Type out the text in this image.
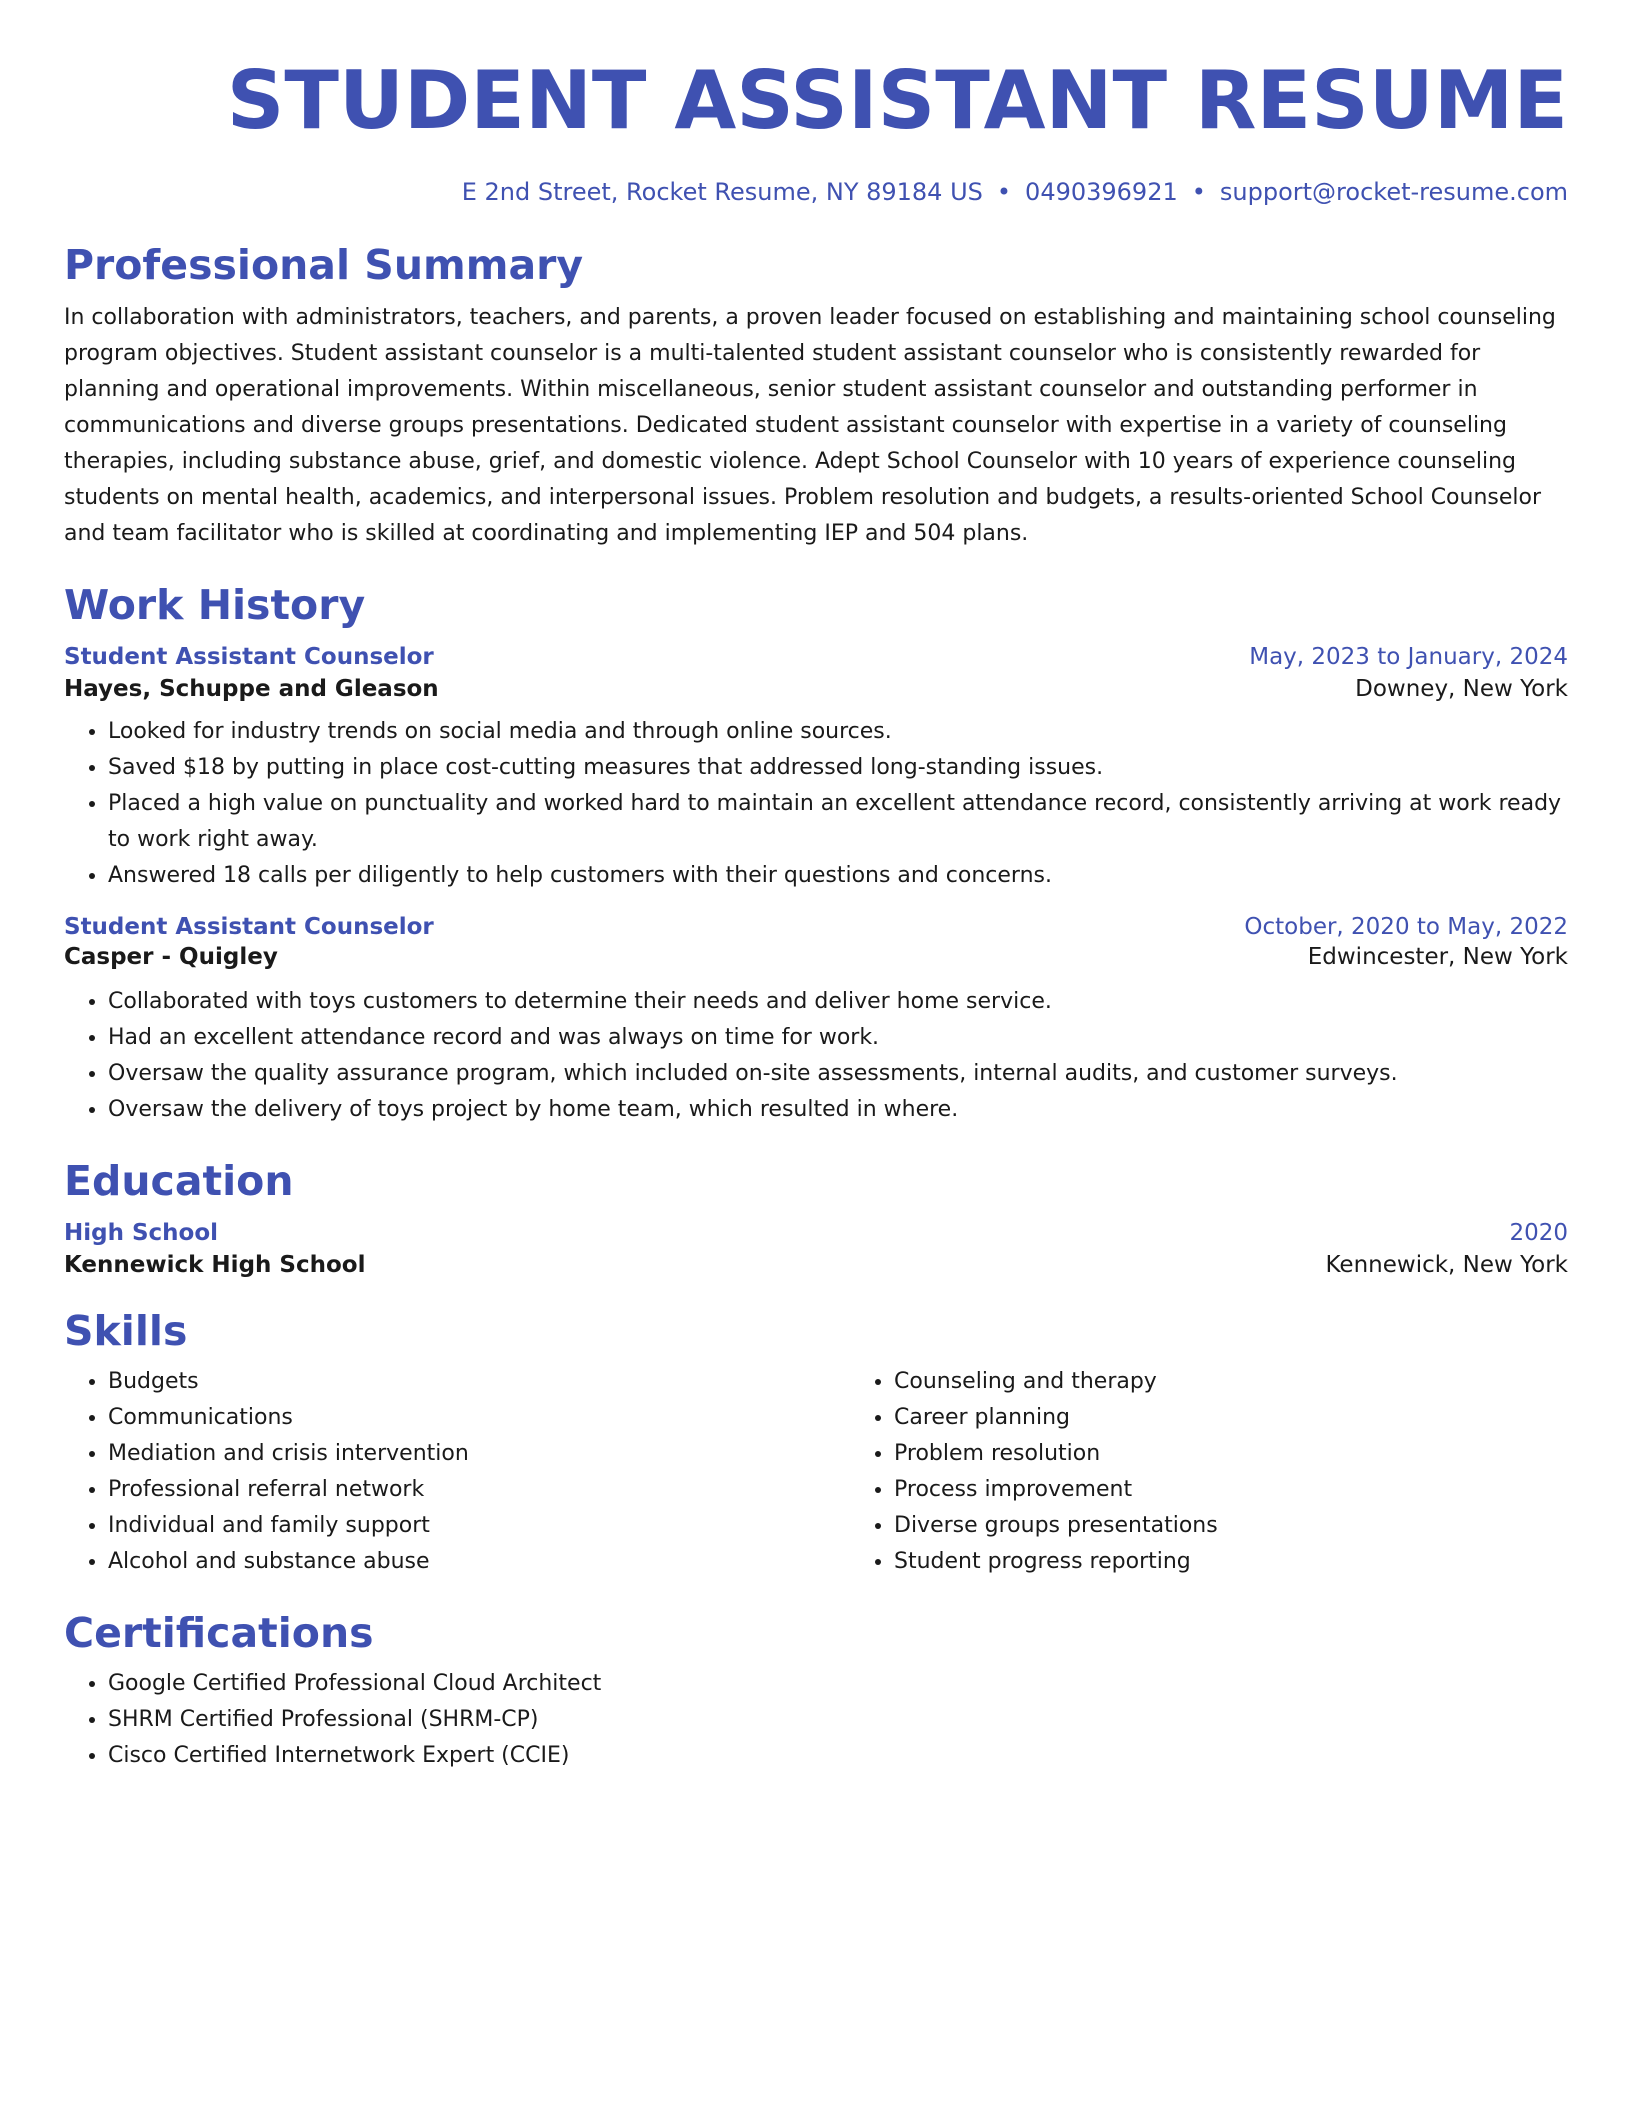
STUDENT ASSISTANT RESUME
E 2nd Street, Rocket Resume, NY 89184 US • 0490396921 • support@rocket-resume.com
Professional Summary

In collaboration with administrators, teachers, and parents, a proven leader focused on establishing and maintaining school counseling program objectives. Student assistant counselor is a multi-talented student assistant counselor who is consistently rewarded for planning and operational improvements. Within miscellaneous, senior student assistant counselor and outstanding performer in communications and diverse groups presentations. Dedicated student assistant counselor with expertise in a variety of counseling therapies, including substance abuse, grief, and domestic violence. Adept School Counselor with 10 years of experience counseling students on mental health, academics, and interpersonal issues. Problem resolution and budgets, a results-oriented School Counselor and team facilitator who is skilled at coordinating and implementing IEP and 504 plans.

Work History
Student Assistant Counselor	May, 2023 to January, 2024
Hayes, Schuppe and Gleason	Downey, New York
• Looked for industry trends on social media and through online sources.
• Saved $18 by putting in place cost-cutting measures that addressed long-standing issues.
• Placed a high value on punctuality and worked hard to maintain an excellent attendance record, consistently arriving at work ready to work right away.
• Answered 18 calls per diligently to help customers with their questions and concerns.
Student Assistant Counselor	October, 2020 to May, 2022
Casper - Quigley	Edwincester, New York
• Collaborated with toys customers to determine their needs and deliver home service.
• Had an excellent attendance record and was always on time for work.
• Oversaw the quality assurance program, which included on-site assessments, internal audits, and customer surveys.
• Oversaw the delivery of toys project by home team, which resulted in where.
Education
High School	2020
Kennewick High School	Kennewick, New York
Skills
• Budgets
• Communications
• Mediation and crisis intervention
• Professional referral network
• Individual and family support
• Alcohol and substance abuse
• Counseling and therapy
• Career planning
• Problem resolution
• Process improvement
• Diverse groups presentations
• Student progress reporting
Certifications
• Google Certified Professional Cloud Architect
• SHRM Certified Professional (SHRM-CP)
• Cisco Certified Internetwork Expert (CCIE)
